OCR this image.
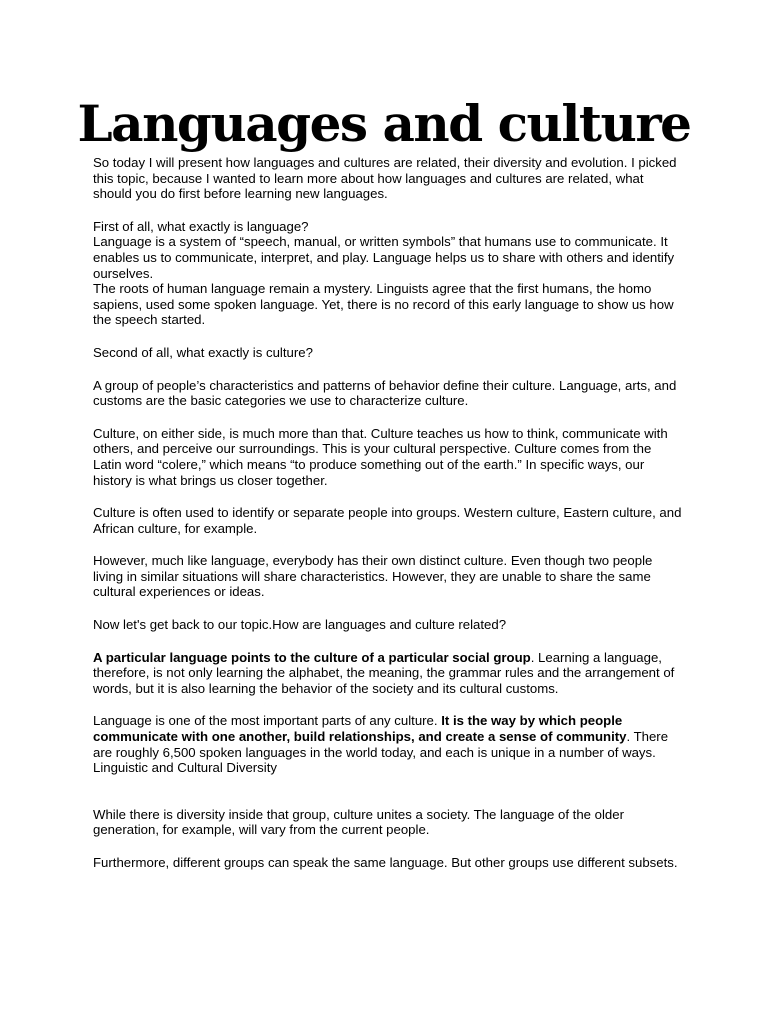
Languages and culture

So today I will present how languages and cultures are related, their diversity and evolution. I picked this topic, because I wanted to learn more about how languages and cultures are related, what should you do first before learning new languages.

First of all, what exactly is language?

Language is a system of “speech, manual, or written symbols” that humans use to communicate. It enables us to communicate, interpret, and play. Language helps us to share with others and identify ourselves.

The roots of human language remain a mystery. Linguists agree that the first humans, the homo sapiens, used some spoken language. Yet, there is no record of this early language to show us how the speech started.

Second of all, what exactly is culture?

A group of people’s characteristics and patterns of behavior define their culture. Language, arts, and customs are the basic categories we use to characterize culture.

Culture, on either side, is much more than that. Culture teaches us how to think, communicate with others, and perceive our surroundings. This is your cultural perspective. Culture comes from the Latin word “colere,” which means “to produce something out of the earth.” In specific ways, our history is what brings us closer together.

Culture is often used to identify or separate people into groups. Western culture, Eastern culture, and African culture, for example.

However, much like language, everybody has their own distinct culture. Even though two people living in similar situations will share characteristics. However, they are unable to share the same cultural experiences or ideas.

Now let's get back to our topic.How are languages and culture related?

A particular language points to the culture of a particular social group. Learning a language, therefore, is not only learning the alphabet, the meaning, the grammar rules and the arrangement of words, but it is also learning the behavior of the society and its cultural customs.

Language is one of the most important parts of any culture. It is the way by which people communicate with one another, build relationships, and create a sense of community. There are roughly 6,500 spoken languages in the world today, and each is unique in a number of ways.

Linguistic and Cultural Diversity

While there is diversity inside that group, culture unites a society. The language of the older generation, for example, will vary from the current people.

Furthermore, different groups can speak the same language. But other groups use different subsets.
